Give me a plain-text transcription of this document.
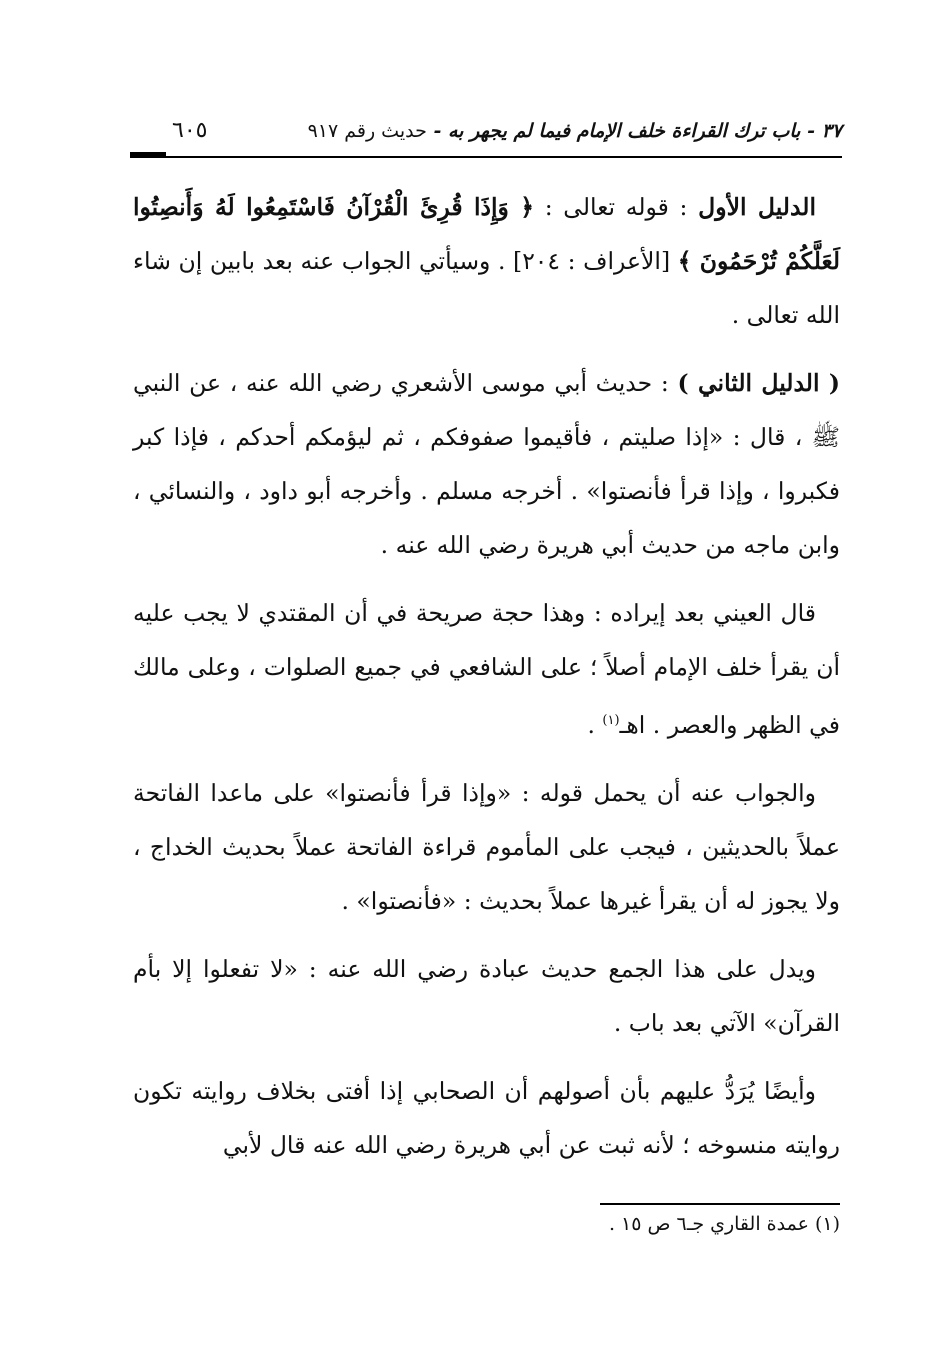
٣٧ - باب ترك القراءة خلف الإمام فيما لم يجهر به - حديث رقم ٩١٧
٦٠٥

الدليل الأول : قوله تعالى : ﴿ وَإِذَا قُرِئَ الْقُرْآنُ فَاسْتَمِعُوا لَهُ وَأَنصِتُوا لَعَلَّكُمْ تُرْحَمُونَ ﴾ [الأعراف : ٢٠٤] . وسيأتي الجواب عنه بعد بابين إن شاء الله تعالى .

( الدليل الثاني ) : حديث أبي موسى الأشعري رضي الله عنه ، عن النبي ﷺ ، قال : «إذا صليتم ، فأقيموا صفوفكم ، ثم ليؤمكم أحدكم ، فإذا كبر فكبروا ، وإذا قرأ فأنصتوا» . أخرجه مسلم . وأخرجه أبو داود ، والنسائي ، وابن ماجه من حديث أبي هريرة رضي الله عنه .

قال العيني بعد إيراده : وهذا حجة صريحة في أن المقتدي لا يجب عليه أن يقرأ خلف الإمام أصلاً ؛ على الشافعي في جميع الصلوات ، وعلى مالك في الظهر والعصر . اهـ$^{(١)}$ .

والجواب عنه أن يحمل قوله : «وإذا قرأ فأنصتوا» على ماعدا الفاتحة عملاً بالحديثين ، فيجب على المأموم قراءة الفاتحة عملاً بحديث الخداج ، ولا يجوز له أن يقرأ غيرها عملاً بحديث : «فأنصتوا» .

ويدل على هذا الجمع حديث عبادة رضي الله عنه : «لا تفعلوا إلا بأم القرآن» الآتي بعد باب .

وأيضًا يُرَدُّ عليهم بأن أصولهم أن الصحابي إذا أفتى بخلاف روايته تكون روايته منسوخه ؛ لأنه ثبت عن أبي هريرة رضي الله عنه قال لأبي

(١) عمدة القاري جـ٦ ص ١٥ .
